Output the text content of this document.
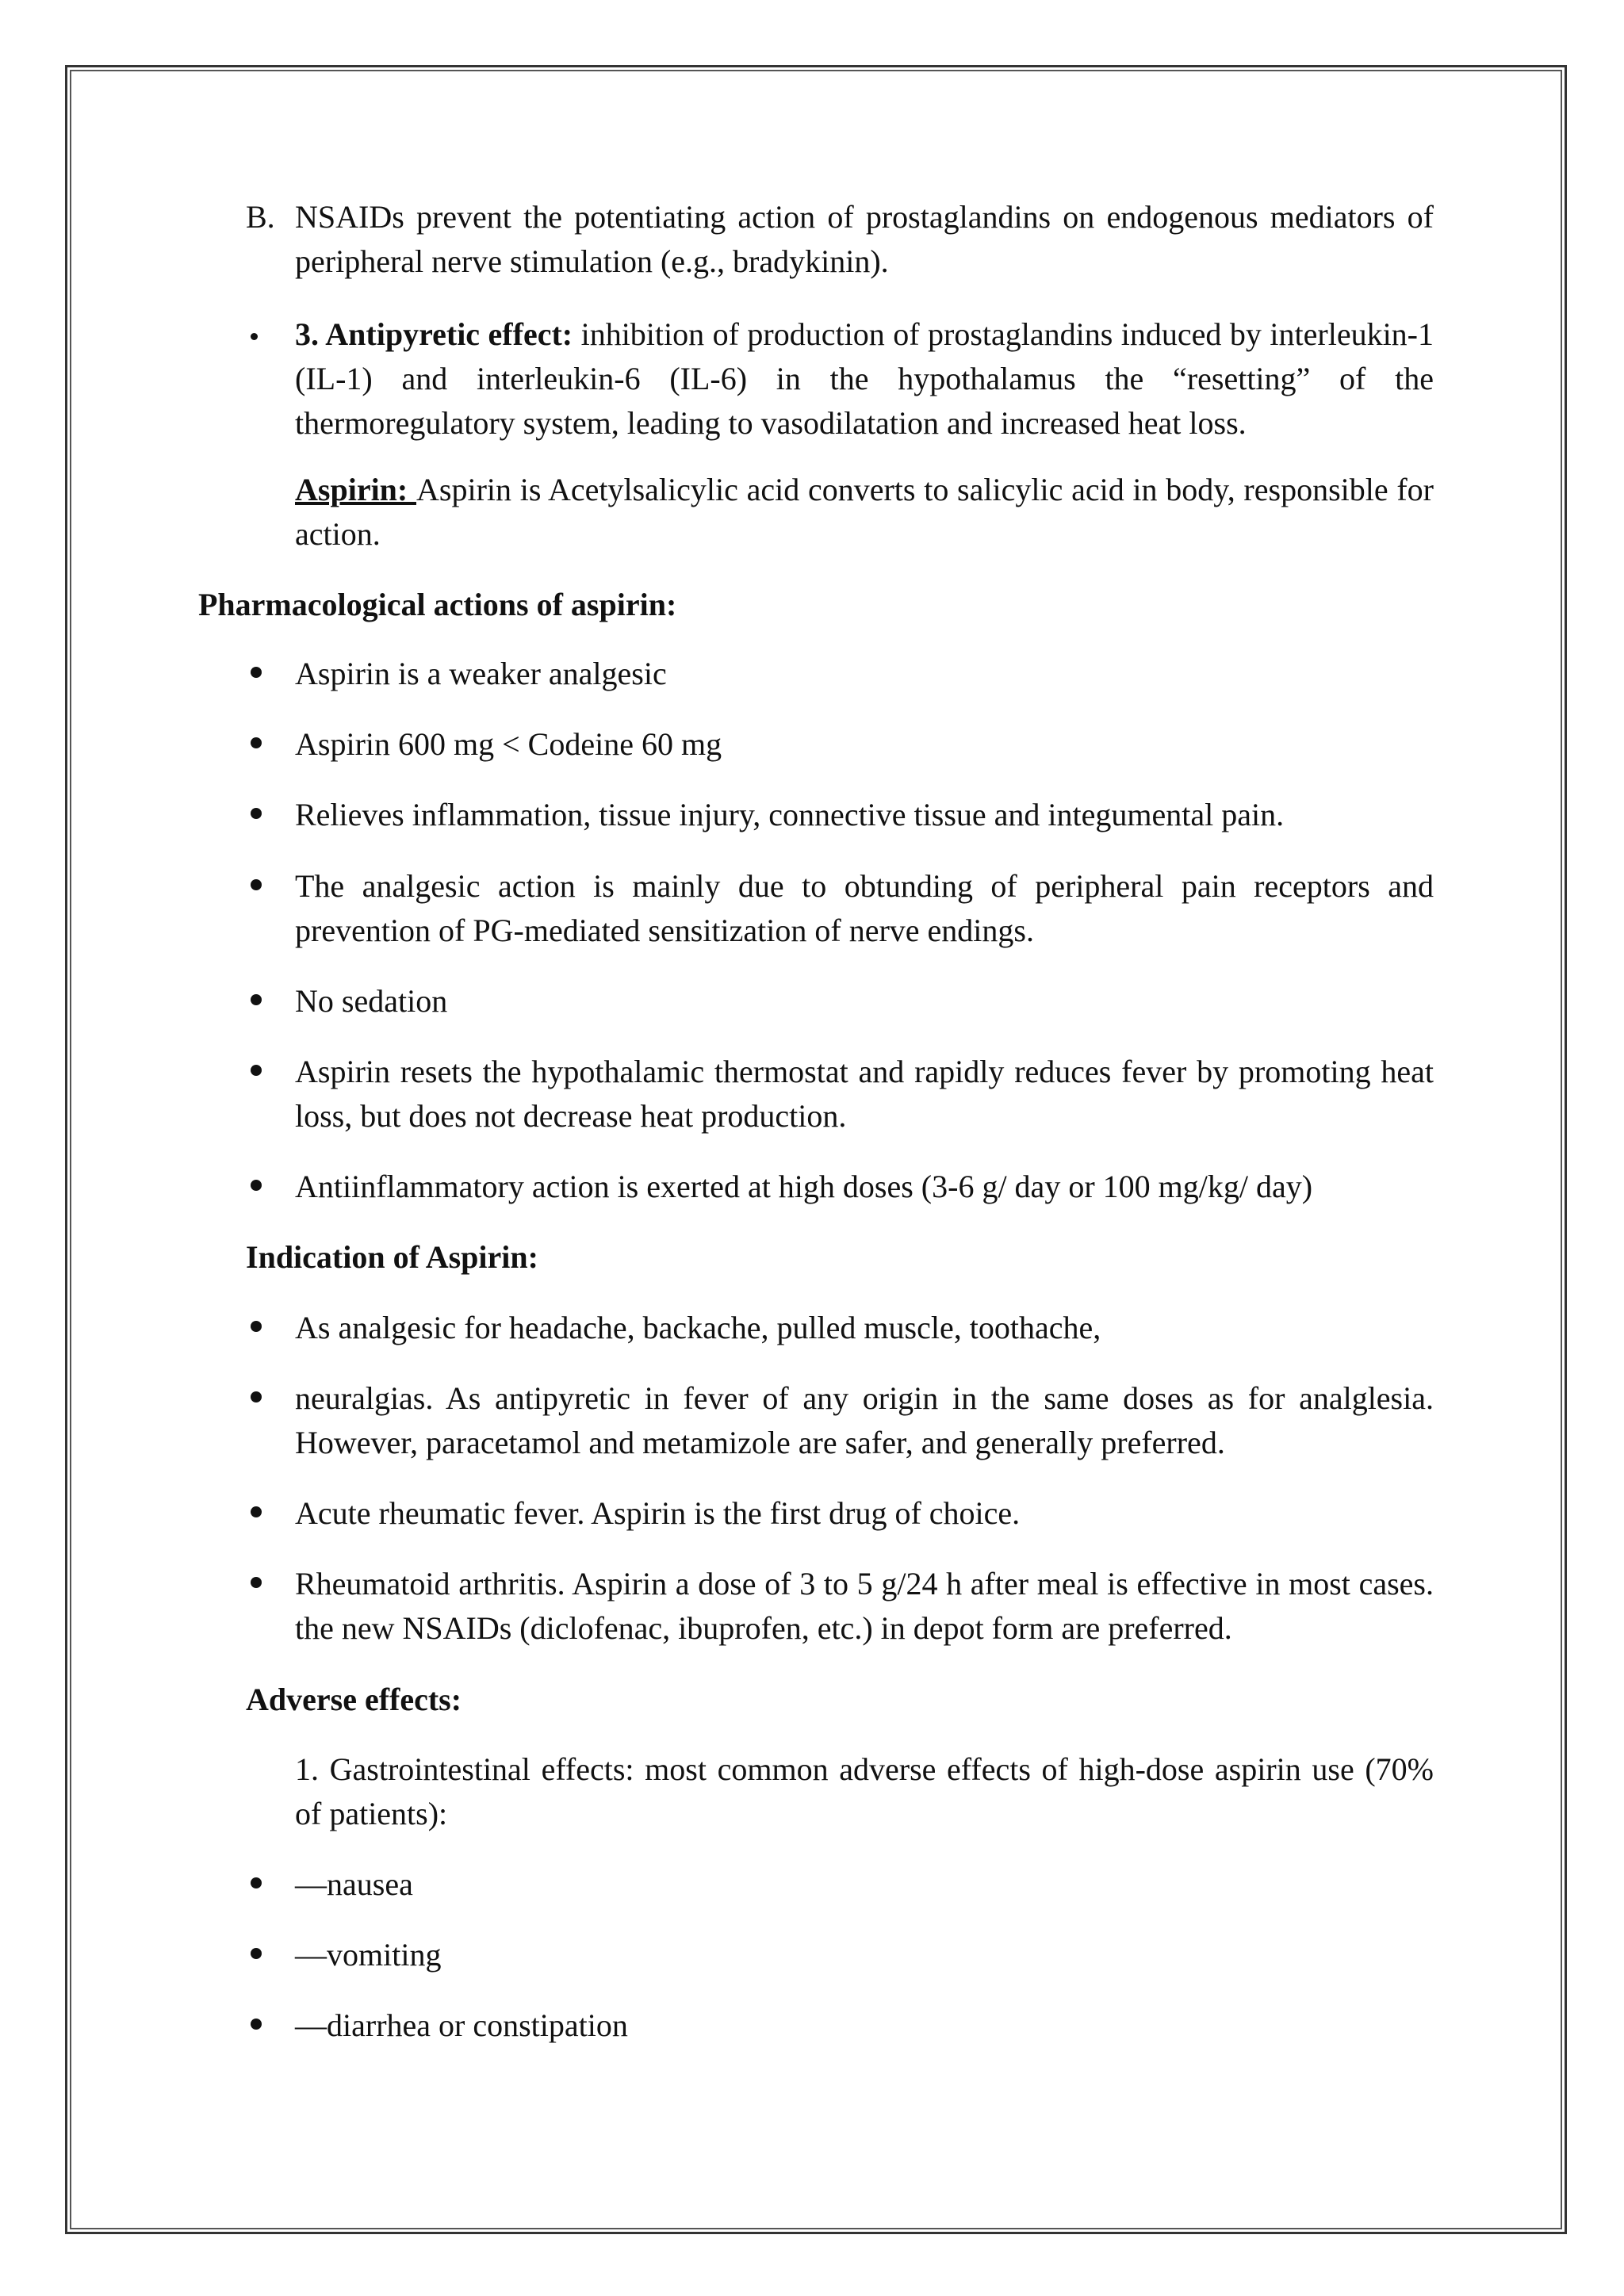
B. NSAIDs prevent the potentiating action of prostaglandins on endogenous mediators of peripheral nerve stimulation (e.g., bradykinin).

3. Antipyretic effect: inhibition of production of prostaglandins induced by interleukin-1 (IL-1) and interleukin-6 (IL-6) in the hypothalamus the “resetting” of the thermoregulatory system, leading to vasodilatation and increased heat loss.

Aspirin: Aspirin is Acetylsalicylic acid converts to salicylic acid in body, responsible for action.

Pharmacological actions of aspirin:

Aspirin is a weaker analgesic

Aspirin 600 mg < Codeine 60 mg

Relieves inflammation, tissue injury, connective tissue and integumental pain.

The analgesic action is mainly due to obtunding of peripheral pain receptors and prevention of PG-mediated sensitization of nerve endings.

No sedation

Aspirin resets the hypothalamic thermostat and rapidly reduces fever by promoting heat loss, but does not decrease heat production.

Antiinflammatory action is exerted at high doses (3-6 g/ day or 100 mg/kg/ day)

Indication of Aspirin:

As analgesic for headache, backache, pulled muscle, toothache,

neuralgias. As antipyretic in fever of any origin in the same doses as for analglesia. However, paracetamol and metamizole are safer, and generally preferred.

Acute rheumatic fever. Aspirin is the first drug of choice.

Rheumatoid arthritis. Aspirin a dose of 3 to 5 g/24 h after meal is effective in most cases. the new NSAIDs (diclofenac, ibuprofen, etc.) in depot form are preferred.

Adverse effects:

1. Gastrointestinal effects: most common adverse effects of high-dose aspirin use (70% of patients):

—nausea

—vomiting

—diarrhea or constipation
